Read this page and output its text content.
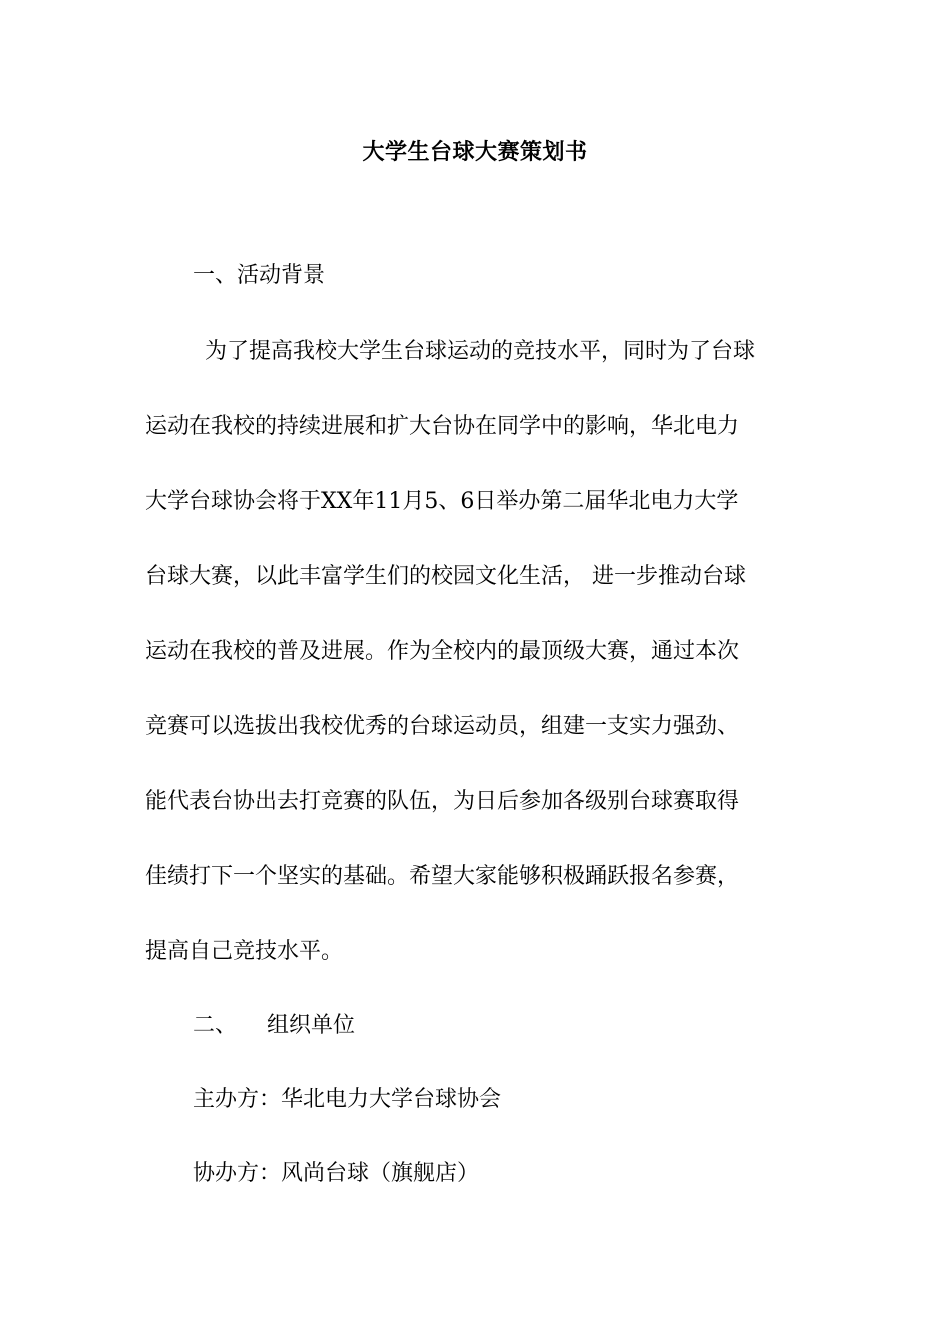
大学生台球大赛策划书
一、活动背景
为了提高我校大学生台球运动的竞技水平，同时为了台球
运动在我校的持续进展和扩大台协在同学中的影响，华北电力
大学台球协会将于XX年11月5、6日举办第二届华北电力大学
台球大赛，以此丰富学生们的校园文化生活， 进一步推动台球
运动在我校的普及进展。作为全校内的最顶级大赛，通过本次
竞赛可以选拔出我校优秀的台球运动员，组建一支实力强劲、
能代表台协出去打竞赛的队伍，为日后参加各级别台球赛取得
佳绩打下一个坚实的基础。希望大家能够积极踊跃报名参赛，
提高自己竞技水平。
二、 组织单位
主办方：华北电力大学台球协会
协办方：风尚台球（旗舰店）
